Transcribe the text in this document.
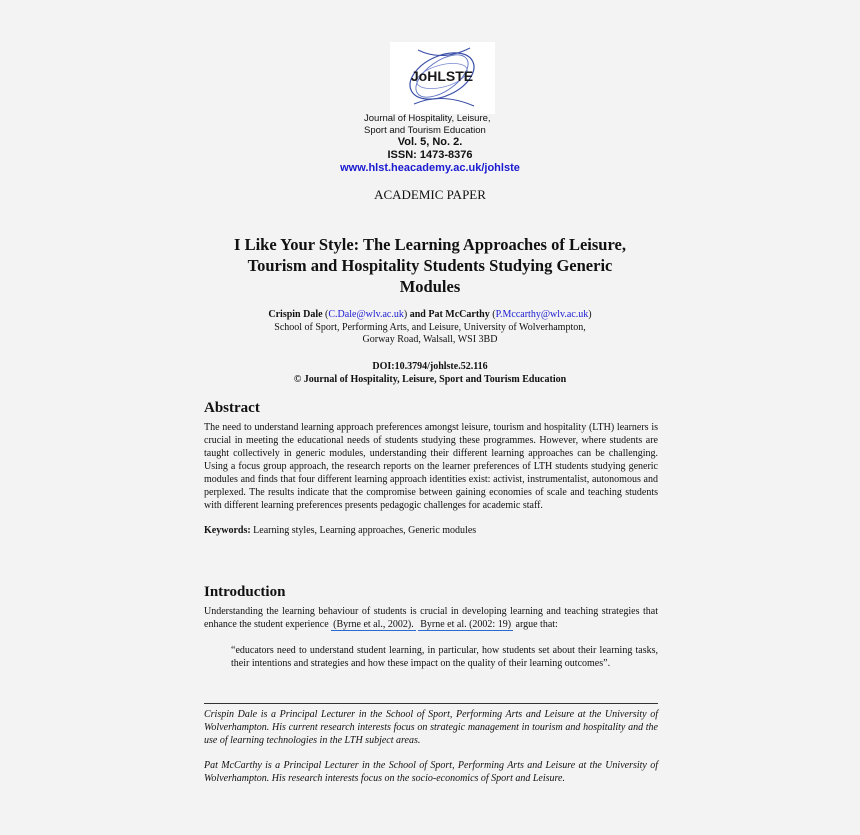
JoHLSTE
Journal of Hospitality, Leisure,
Sport and Tourism Education
Vol. 5, No. 2.
ISSN: 1473-8376
www.hlst.heacademy.ac.uk/johlste
ACADEMIC PAPER
I Like Your Style: The Learning Approaches of Leisure,
Tourism and Hospitality Students Studying Generic
Modules
Crispin Dale (C.Dale@wlv.ac.uk) and Pat McCarthy (P.Mccarthy@wlv.ac.uk)
School of Sport, Performing Arts, and Leisure, University of Wolverhampton,
Gorway Road, Walsall, WSI 3BD
DOI:10.3794/johlste.52.116
© Journal of Hospitality, Leisure, Sport and Tourism Education
Abstract

The need to understand learning approach preferences amongst leisure, tourism and hospitality (LTH) learners is crucial in meeting the educational needs of students studying these programmes. However, where students are taught collectively in generic modules, understanding their different learning approaches can be challenging. Using a focus group approach, the research reports on the learner preferences of LTH students studying generic modules and finds that four different learning approach identities exist: activist, instrumentalist, autonomous and perplexed. The results indicate that the compromise between gaining economies of scale and teaching students with different learning preferences presents pedagogic challenges for academic staff.

Keywords: Learning styles, Learning approaches, Generic modules
Introduction

Understanding the learning behaviour of students is crucial in developing learning and teaching strategies that enhance the student experience (Byrne et al., 2002). Byrne et al. (2002: 19) argue that:

“educators need to understand student learning, in particular, how students set about their learning tasks, their intentions and strategies and how these impact on the quality of their learning outcomes”.

Crispin Dale is a Principal Lecturer in the School of Sport, Performing Arts and Leisure at the University of Wolverhampton. His current research interests focus on strategic management in tourism and hospitality and the use of learning technologies in the LTH subject areas.

Pat McCarthy is a Principal Lecturer in the School of Sport, Performing Arts and Leisure at the University of Wolverhampton. His research interests focus on the socio-economics of Sport and Leisure.
